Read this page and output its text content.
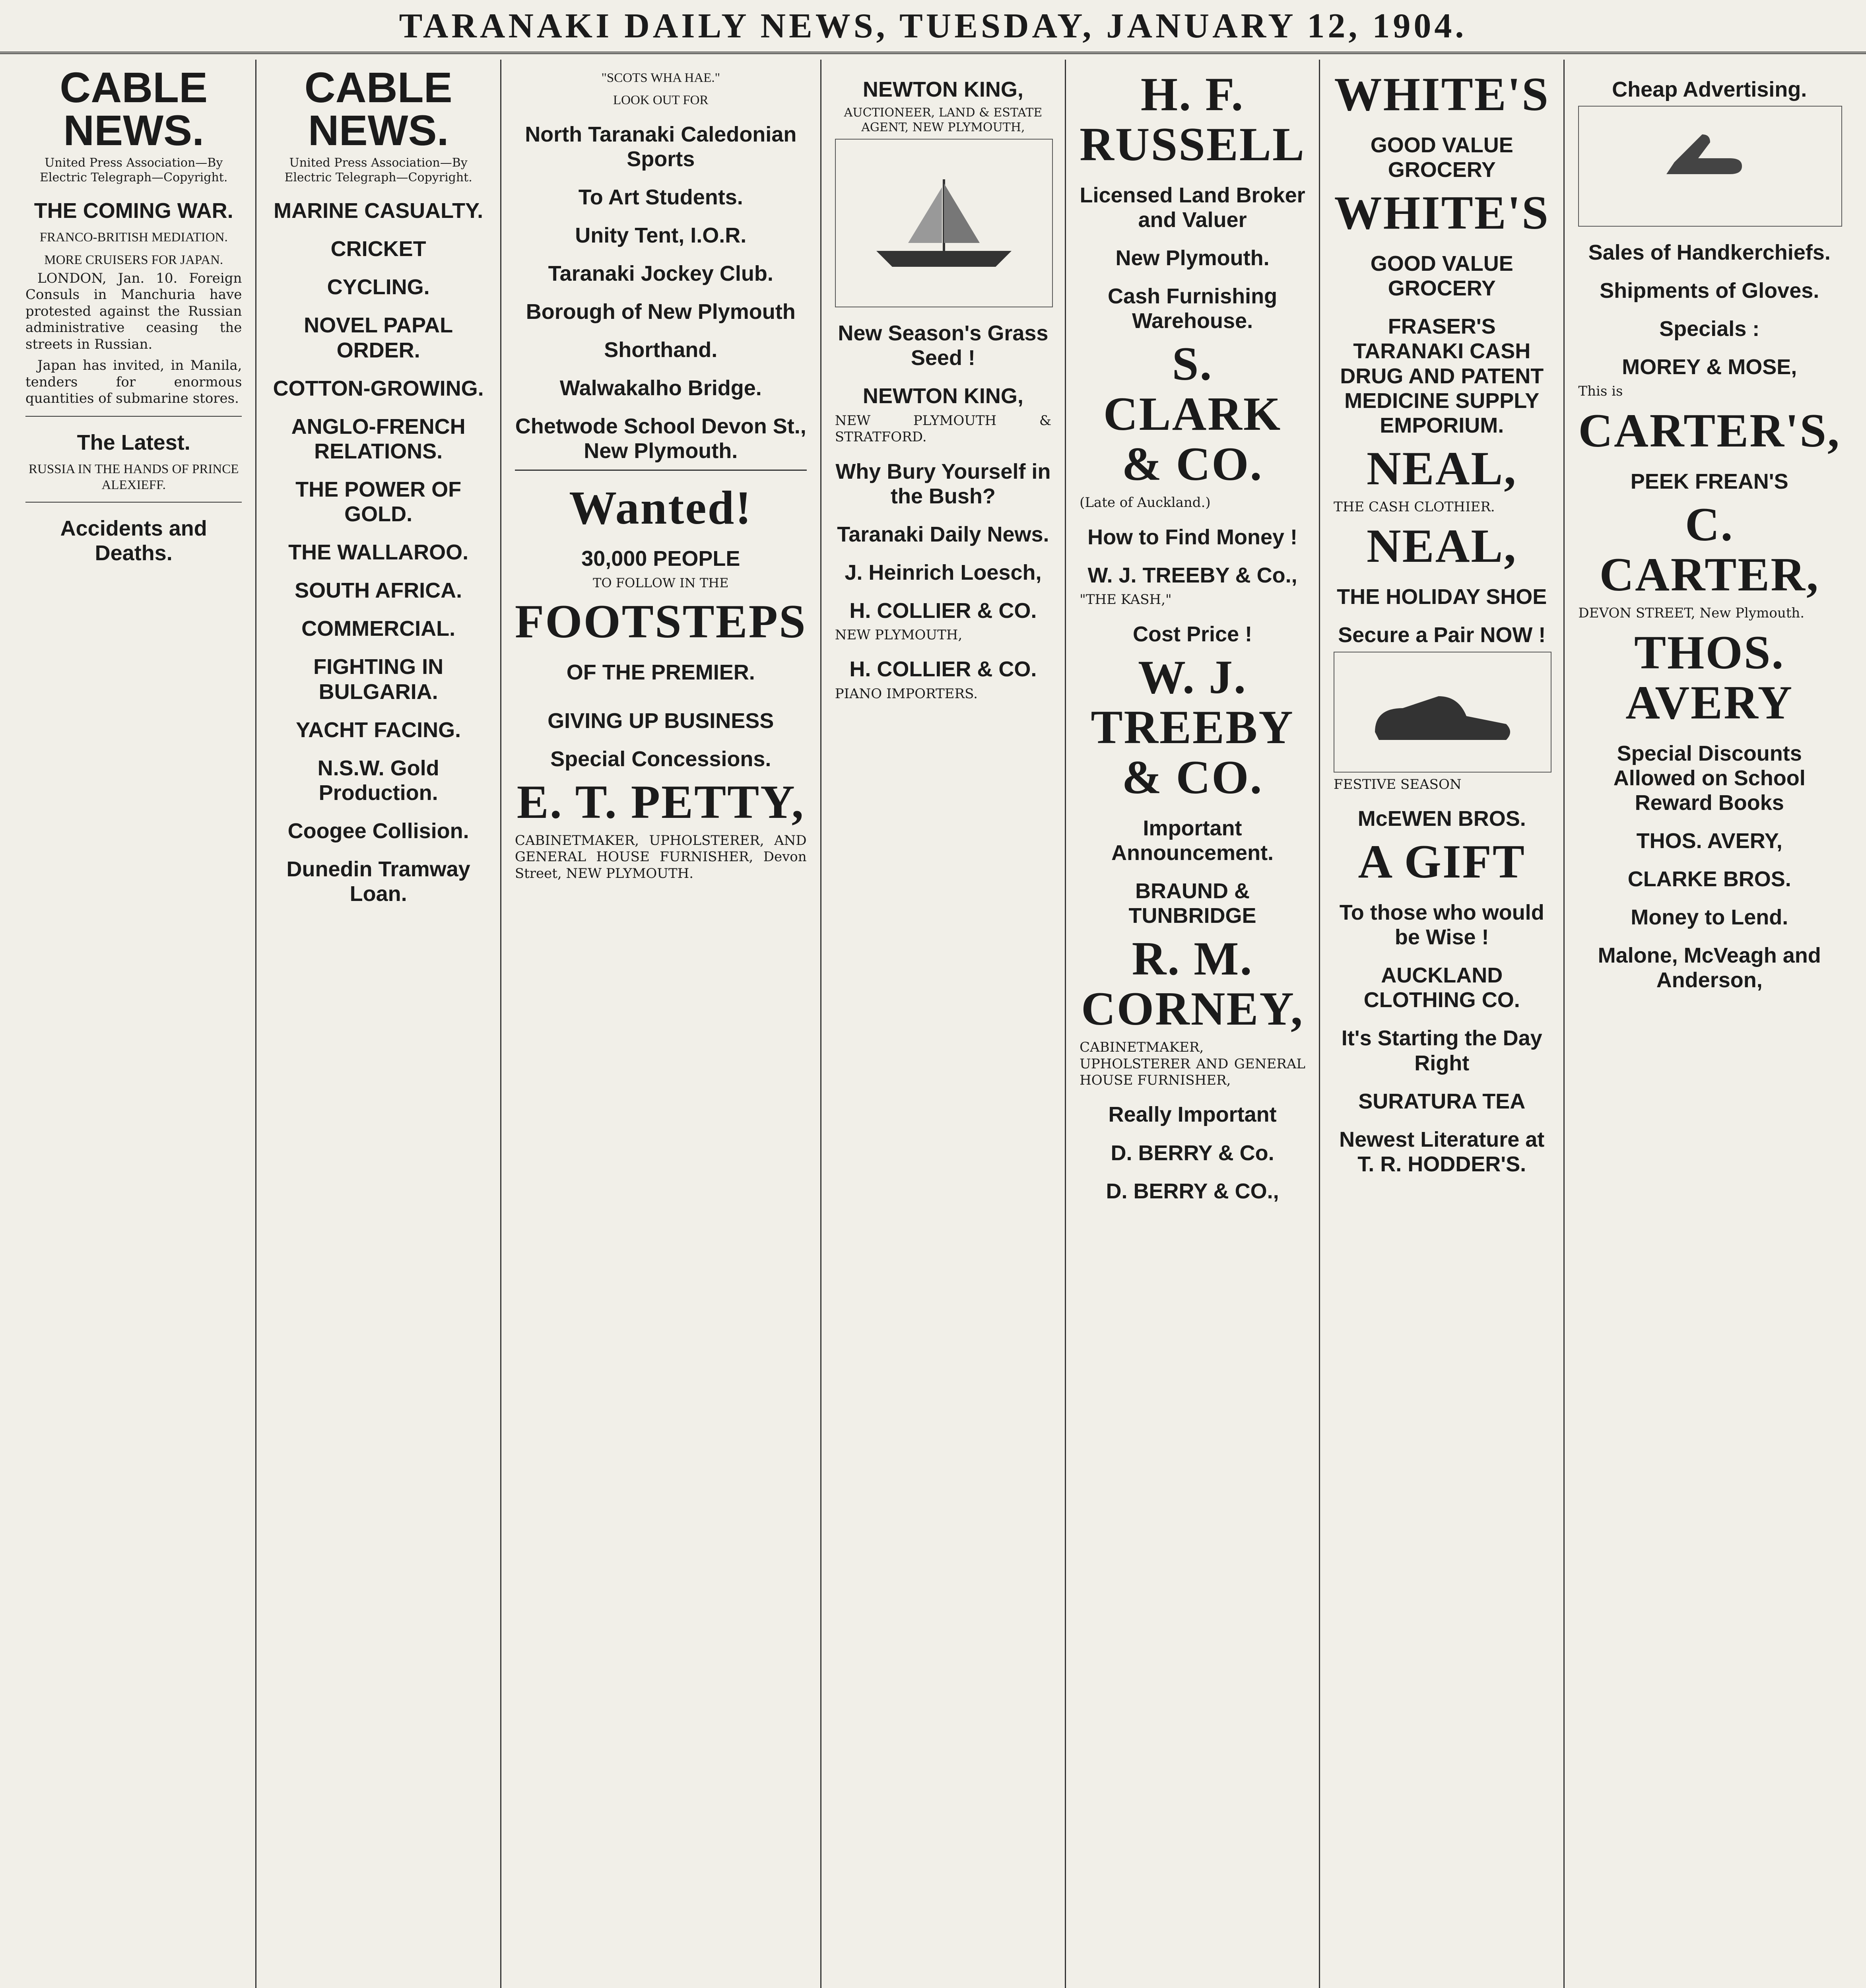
TARANAKI DAILY NEWS, TUESDAY, JANUARY 12, 1904.
CABLE NEWS.
United Press Association—By Electric Telegraph—Copyright.
THE COMING WAR.
FRANCO-BRITISH MEDIATION.
MORE CRUISERS FOR JAPAN.

LONDON, Jan. 10. Foreign Consuls in Manchuria have protested against the Russian administrative ceasing the streets in Russian.

Japan has invited, in Manila, tenders for enormous quantities of submarine stores.

The Latest.
RUSSIA IN THE HANDS OF PRINCE ALEXIEFF.
Accidents and Deaths.
CABLE NEWS.
United Press Association—By Electric Telegraph—Copyright.
MARINE CASUALTY.
CRICKET
CYCLING.
NOVEL PAPAL ORDER.
COTTON-GROWING.
ANGLO-FRENCH RELATIONS.
THE POWER OF GOLD.
THE WALLAROO.
SOUTH AFRICA.
COMMERCIAL.
FIGHTING IN BULGARIA.
YACHT FACING.
N.S.W. Gold Production.
Coogee Collision.
Dunedin Tramway Loan.
"SCOTS WHA HAE."
LOOK OUT FOR
North Taranaki Caledonian Sports
To Art Students.
Unity Tent, I.O.R.
Taranaki Jockey Club.
Borough of New Plymouth
Shorthand.
Walwakalho Bridge.
Chetwode School Devon St., New Plymouth.
Wanted!
30,000 PEOPLE
TO FOLLOW IN THE
FOOTSTEPS
OF THE PREMIER.
GIVING UP BUSINESS
Special Concessions.
E. T. PETTY,
CABINETMAKER, UPHOLSTERER, AND GENERAL HOUSE FURNISHER, Devon Street, NEW PLYMOUTH.
NEWTON KING,
AUCTIONEER, LAND & ESTATE AGENT, NEW PLYMOUTH,
New Season's Grass Seed !
NEWTON KING,
NEW PLYMOUTH & STRATFORD.
Why Bury Yourself in the Bush?
Taranaki Daily News.
J. Heinrich Loesch,
H. COLLIER & CO.
NEW PLYMOUTH,
H. COLLIER & CO.
PIANO IMPORTERS.
H. F. RUSSELL
Licensed Land Broker and Valuer
New Plymouth.
Cash Furnishing Warehouse.
S. CLARK & CO.
(Late of Auckland.)
How to Find Money !
W. J. TREEBY & Co.,
"THE KASH,"
Cost Price !
W. J. TREEBY & CO.
Important Announcement.
BRAUND & TUNBRIDGE
R. M. CORNEY,
CABINETMAKER, UPHOLSTERER AND GENERAL HOUSE FURNISHER,
Really Important
D. BERRY & Co.
D. BERRY & CO.,
WHITE'S
GOOD VALUE GROCERY
WHITE'S
GOOD VALUE GROCERY
FRASER'S TARANAKI CASH DRUG AND PATENT MEDICINE SUPPLY EMPORIUM.
NEAL,
THE CASH CLOTHIER.
NEAL,
THE HOLIDAY SHOE
Secure a Pair NOW !
FESTIVE SEASON
McEWEN BROS.
A GIFT
To those who would be Wise !
AUCKLAND CLOTHING CO.
It's Starting the Day Right
SURATURA TEA
Newest Literature at T. R. HODDER'S.
Cheap Advertising.
Sales of Handkerchiefs.
Shipments of Gloves.
Specials :
MOREY & MOSE,
This is
CARTER'S,
PEEK FREAN'S
C. CARTER,
DEVON STREET, New Plymouth.
THOS. AVERY
Special Discounts Allowed on School Reward Books
THOS. AVERY,
CLARKE BROS.
Money to Lend.
Malone, McVeagh and Anderson,
